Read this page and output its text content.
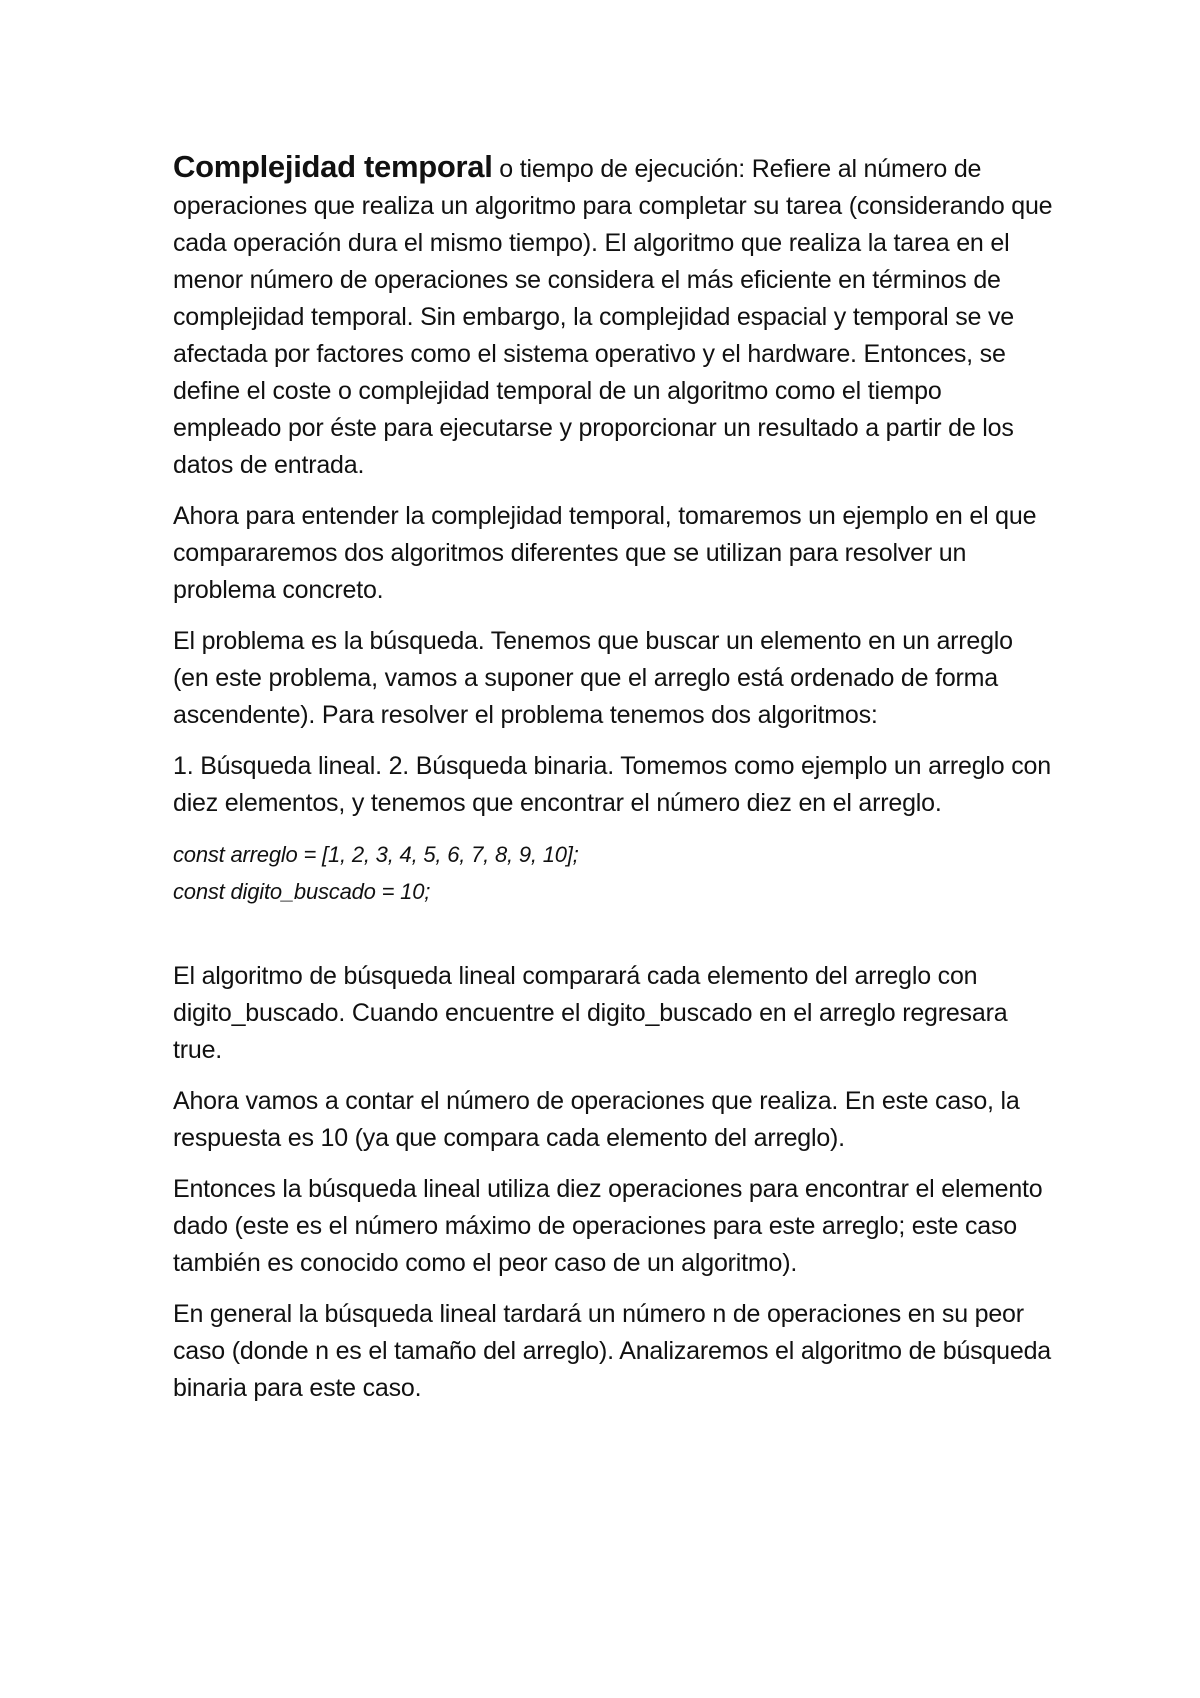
Complejidad temporal o tiempo de ejecución: Refiere al número de operaciones que realiza un algoritmo para completar su tarea (considerando que cada operación dura el mismo tiempo). El algoritmo que realiza la tarea en el menor número de operaciones se considera el más eficiente en términos de complejidad temporal. Sin embargo, la complejidad espacial y temporal se ve afectada por factores como el sistema operativo y el hardware. Entonces, se define el coste o complejidad temporal de un algoritmo como el tiempo empleado por éste para ejecutarse y proporcionar un resultado a partir de los datos de entrada.

Ahora para entender la complejidad temporal, tomaremos un ejemplo en el que compararemos dos algoritmos diferentes que se utilizan para resolver un problema concreto.

El problema es la búsqueda. Tenemos que buscar un elemento en un arreglo (en este problema, vamos a suponer que el arreglo está ordenado de forma ascendente). Para resolver el problema tenemos dos algoritmos:

1. Búsqueda lineal. 2. Búsqueda binaria. Tomemos como ejemplo un arreglo con diez elementos, y tenemos que encontrar el número diez en el arreglo.

const arreglo = [1, 2, 3, 4, 5, 6, 7, 8, 9, 10];
const digito_buscado = 10;

El algoritmo de búsqueda lineal comparará cada elemento del arreglo con digito_buscado. Cuando encuentre el digito_buscado en el arreglo regresara true.

Ahora vamos a contar el número de operaciones que realiza. En este caso, la respuesta es 10 (ya que compara cada elemento del arreglo).

Entonces la búsqueda lineal utiliza diez operaciones para encontrar el elemento dado (este es el número máximo de operaciones para este arreglo; este caso también es conocido como el peor caso de un algoritmo).

En general la búsqueda lineal tardará un número n de operaciones en su peor caso (donde n es el tamaño del arreglo). Analizaremos el algoritmo de búsqueda binaria para este caso.
